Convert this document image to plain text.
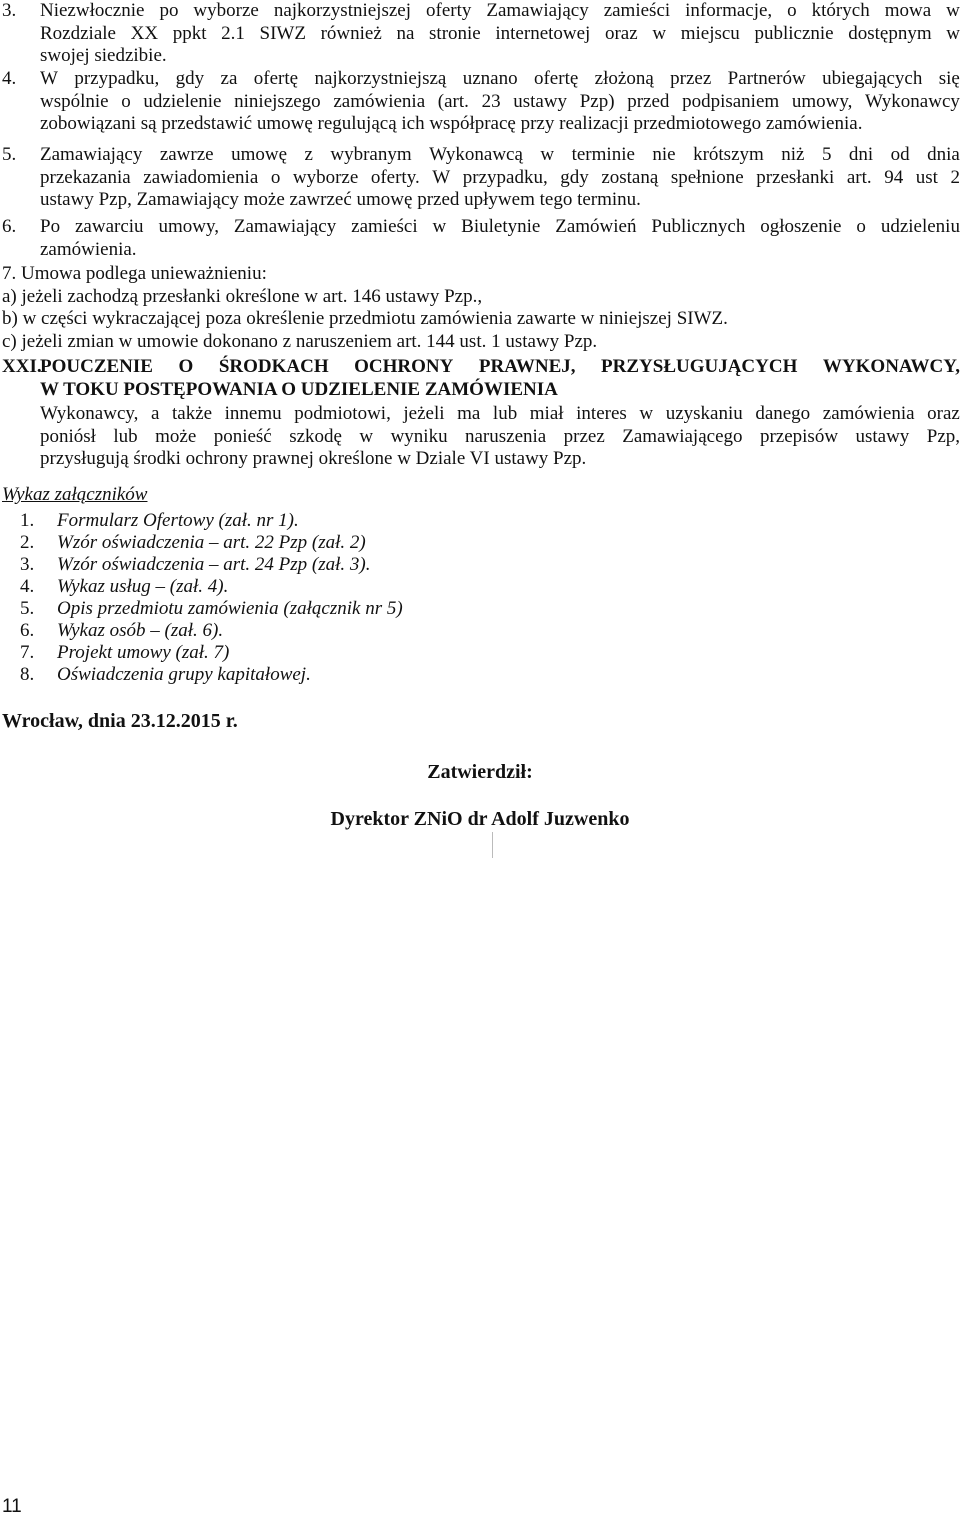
3. Niezwłocznie po wyborze najkorzystniejszej oferty Zamawiający zamieści informacje, o których mowa w
Rozdziale XX ppkt 2.1 SIWZ również na stronie internetowej oraz w miejscu publicznie dostępnym w
swojej siedzibie.
4. W przypadku, gdy za ofertę najkorzystniejszą uznano ofertę złożoną przez Partnerów ubiegających się
wspólnie o udzielenie niniejszego zamówienia (art. 23 ustawy Pzp) przed podpisaniem umowy, Wykonawcy
zobowiązani są przedstawić umowę regulującą ich współpracę przy realizacji przedmiotowego zamówienia.
5. Zamawiający zawrze umowę z wybranym Wykonawcą w terminie nie krótszym niż 5 dni od dnia
przekazania zawiadomienia o wyborze oferty. W przypadku, gdy zostaną spełnione przesłanki art. 94 ust 2
ustawy Pzp, Zamawiający może zawrzeć umowę przed upływem tego terminu.
6. Po zawarciu umowy, Zamawiający zamieści w Biuletynie Zamówień Publicznych ogłoszenie o udzieleniu
zamówienia.
7. Umowa podlega unieważnieniu:
a) jeżeli zachodzą przesłanki określone w art. 146 ustawy Pzp.,
b) w części wykraczającej poza określenie przedmiotu zamówienia zawarte w niniejszej SIWZ.
c) jeżeli zmian w umowie dokonano z naruszeniem art. 144 ust. 1 ustawy Pzp.
XXI.
POUCZENIE O ŚRODKACH OCHRONY PRAWNEJ, PRZYSŁUGUJĄCYCH WYKONAWCY,
W TOKU POSTĘPOWANIA O UDZIELENIE ZAMÓWIENIA
Wykonawcy, a także innemu podmiotowi, jeżeli ma lub miał interes w uzyskaniu danego zamówienia oraz
poniósł lub może ponieść szkodę w wyniku naruszenia przez Zamawiającego przepisów ustawy Pzp,
przysługują środki ochrony prawnej określone w Dziale VI ustawy Pzp.
Wykaz załączników
1. Formularz Ofertowy (zał. nr 1).
2. Wzór oświadczenia – art. 22 Pzp (zał. 2)
3. Wzór oświadczenia – art. 24 Pzp (zał. 3).
4. Wykaz usług – (zał. 4).
5. Opis przedmiotu zamówienia (załącznik nr 5)
6. Wykaz osób – (zał. 6).
7. Projekt umowy (zał. 7)
8. Oświadczenia grupy kapitałowej.
Wrocław, dnia 23.12.2015 r.
Zatwierdził:
Dyrektor ZNiO dr Adolf Juzwenko
11
